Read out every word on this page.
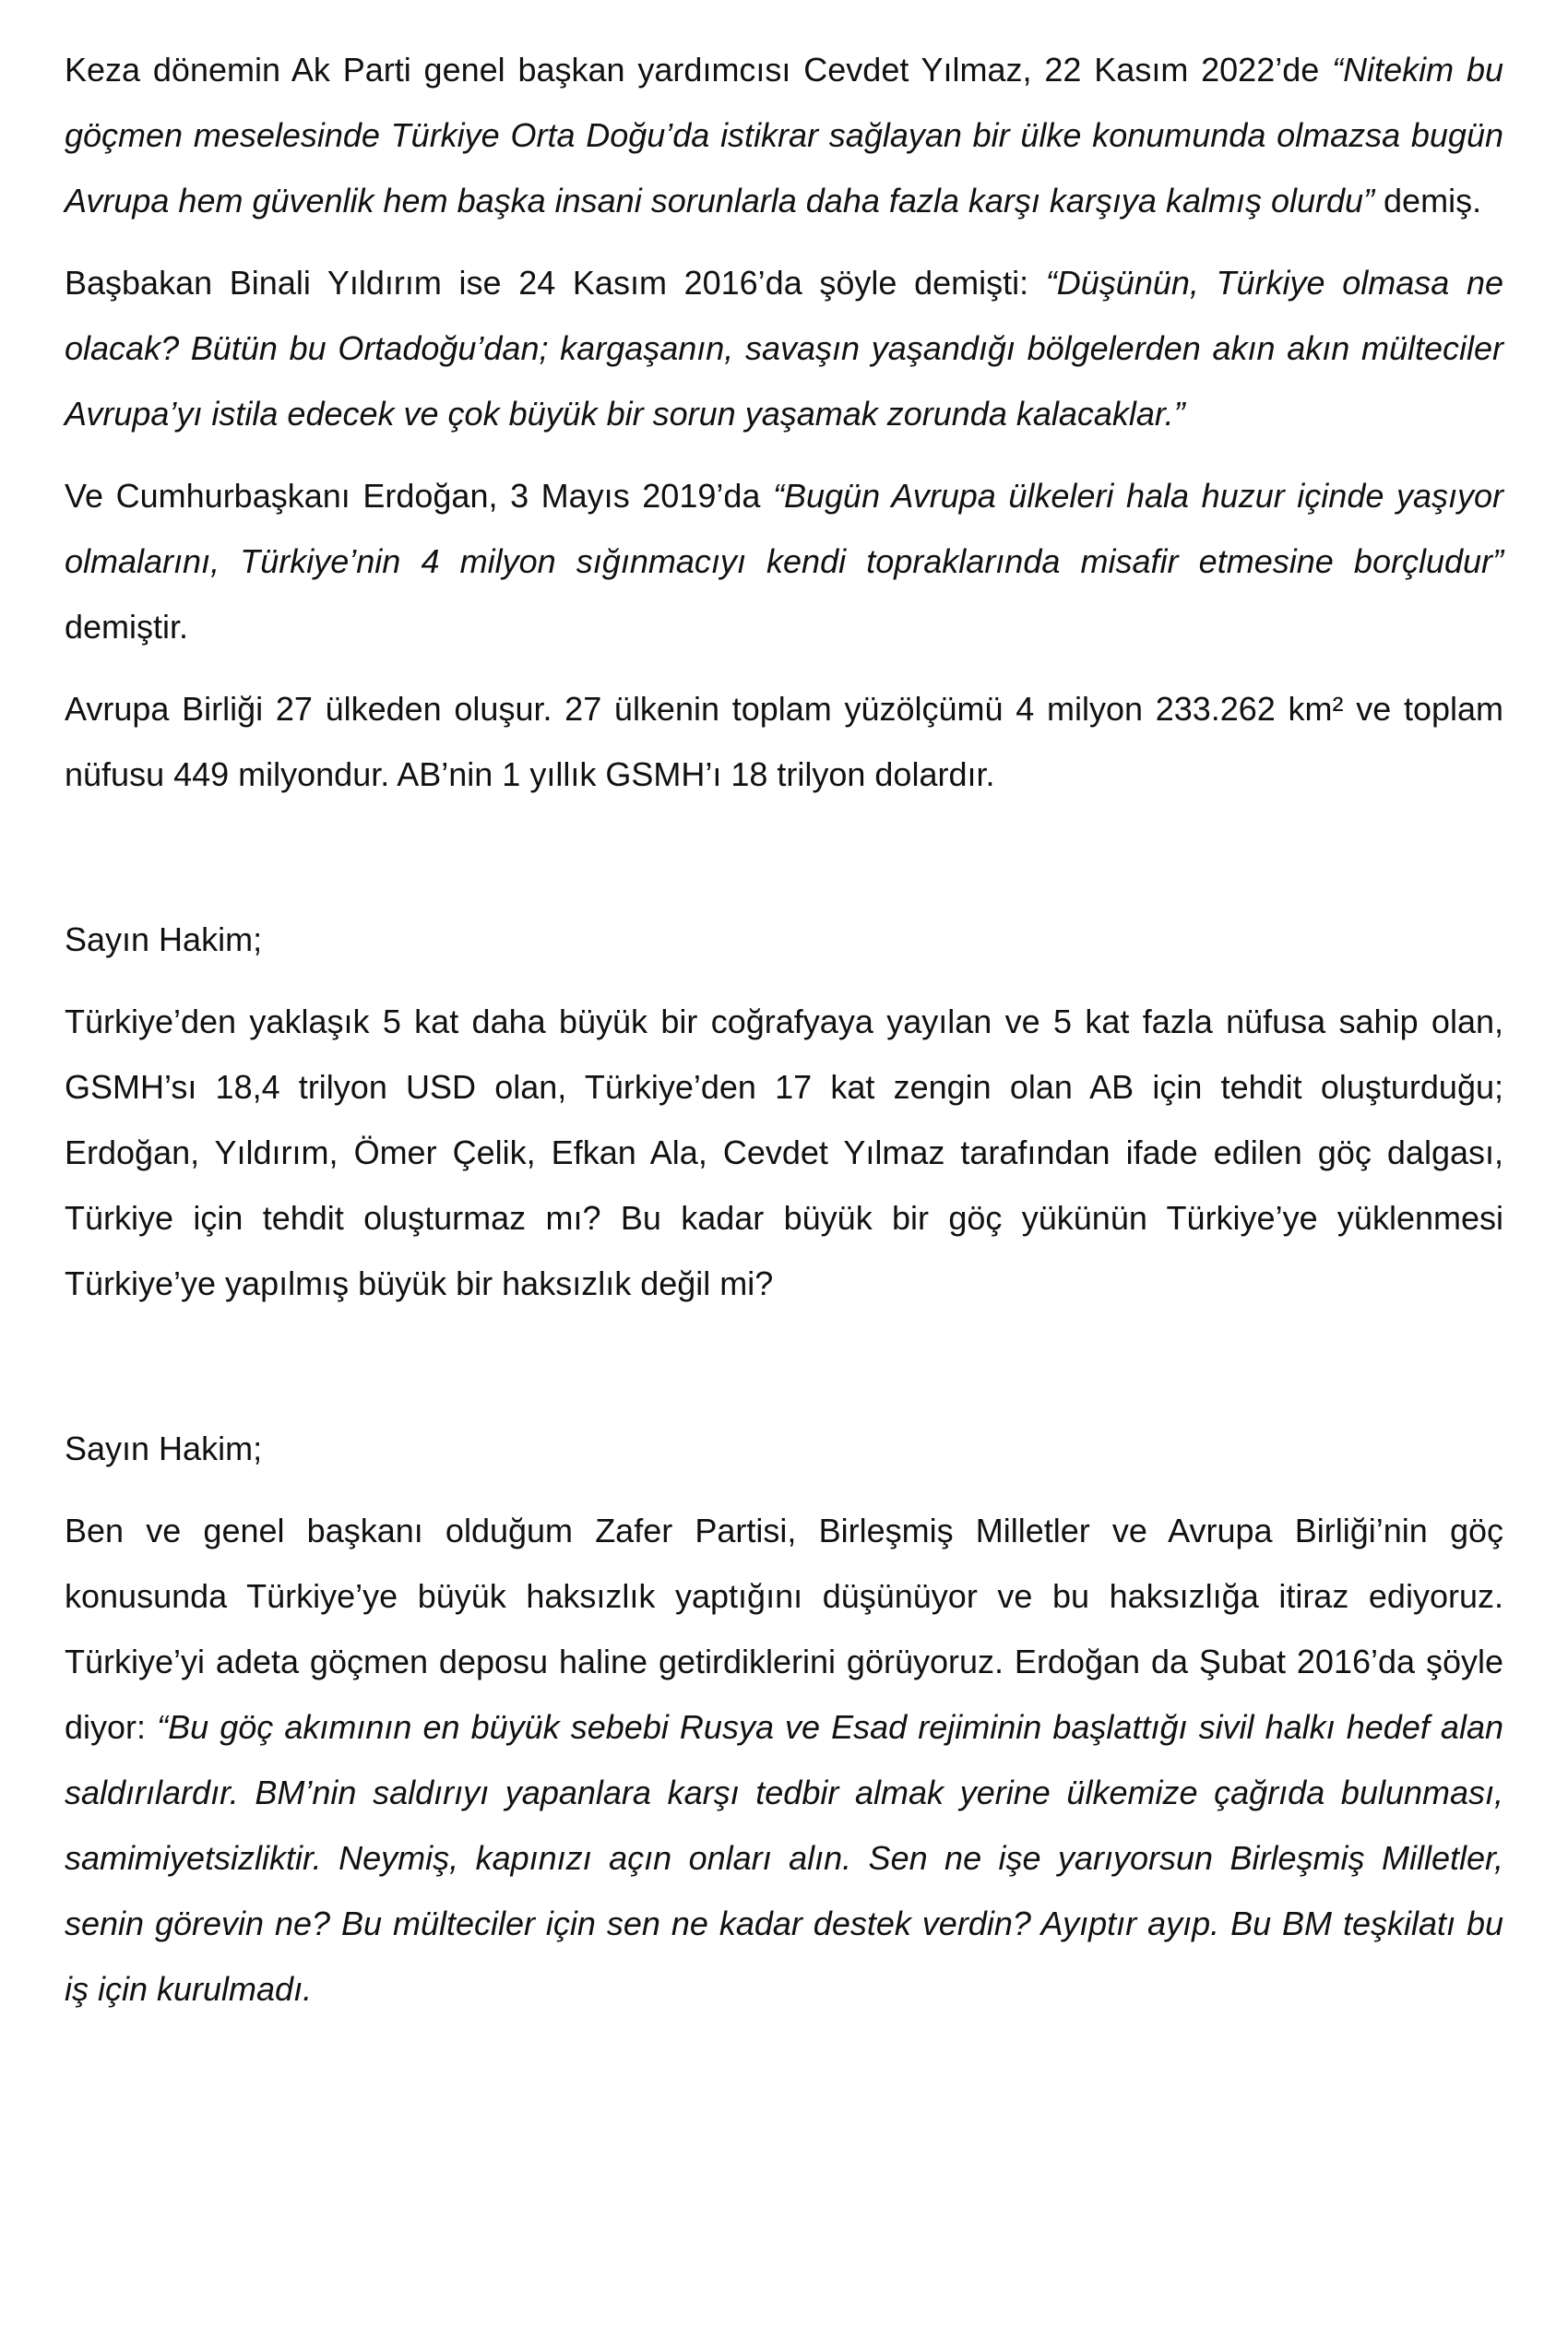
Keza dönemin Ak Parti genel başkan yardımcısı Cevdet Yılmaz, 22 Kasım 2022’de “Nitekim bu göçmen meselesinde Türkiye Orta Doğu’da istikrar sağlayan bir ülke konumunda olmazsa bugün Avrupa hem güvenlik hem başka insani sorunlarla daha fazla karşı karşıya kalmış olurdu” demiş.

Başbakan Binali Yıldırım ise 24 Kasım 2016’da şöyle demişti: “Düşünün, Türkiye olmasa ne olacak? Bütün bu Ortadoğu’dan; kargaşanın, savaşın yaşandığı bölgelerden akın akın mülteciler Avrupa’yı istila edecek ve çok büyük bir sorun yaşamak zorunda kalacaklar.”

Ve Cumhurbaşkanı Erdoğan, 3 Mayıs 2019’da “Bugün Avrupa ülkeleri hala huzur içinde yaşıyor olmalarını, Türkiye’nin 4 milyon sığınmacıyı kendi topraklarında misafir etmesine borçludur” demiştir.

Avrupa Birliği 27 ülkeden oluşur. 27 ülkenin toplam yüzölçümü 4 milyon 233.262 km² ve toplam nüfusu 449 milyondur. AB’nin 1 yıllık GSMH’ı 18 trilyon dolardır.

Sayın Hakim;

Türkiye’den yaklaşık 5 kat daha büyük bir coğrafyaya yayılan ve 5 kat fazla nüfusa sahip olan, GSMH’sı 18,4 trilyon USD olan, Türkiye’den 17 kat zengin olan AB için tehdit oluşturduğu; Erdoğan, Yıldırım, Ömer Çelik, Efkan Ala, Cevdet Yılmaz tarafından ifade edilen göç dalgası, Türkiye için tehdit oluşturmaz mı? Bu kadar büyük bir göç yükünün Türkiye’ye yüklenmesi Türkiye’ye yapılmış büyük bir haksızlık değil mi?

Sayın Hakim;

Ben ve genel başkanı olduğum Zafer Partisi, Birleşmiş Milletler ve Avrupa Birliği’nin göç konusunda Türkiye’ye büyük haksızlık yaptığını düşünüyor ve bu haksızlığa itiraz ediyoruz. Türkiye’yi adeta göçmen deposu haline getirdiklerini görüyoruz. Erdoğan da Şubat 2016’da şöyle diyor: “Bu göç akımının en büyük sebebi Rusya ve Esad rejiminin başlattığı sivil halkı hedef alan saldırılardır. BM’nin saldırıyı yapanlara karşı tedbir almak yerine ülkemize çağrıda bulunması, samimiyetsizliktir. Neymiş, kapınızı açın onları alın. Sen ne işe yarıyorsun Birleşmiş Milletler, senin görevin ne? Bu mülteciler için sen ne kadar destek verdin? Ayıptır ayıp. Bu BM teşkilatı bu iş için kurulmadı.
